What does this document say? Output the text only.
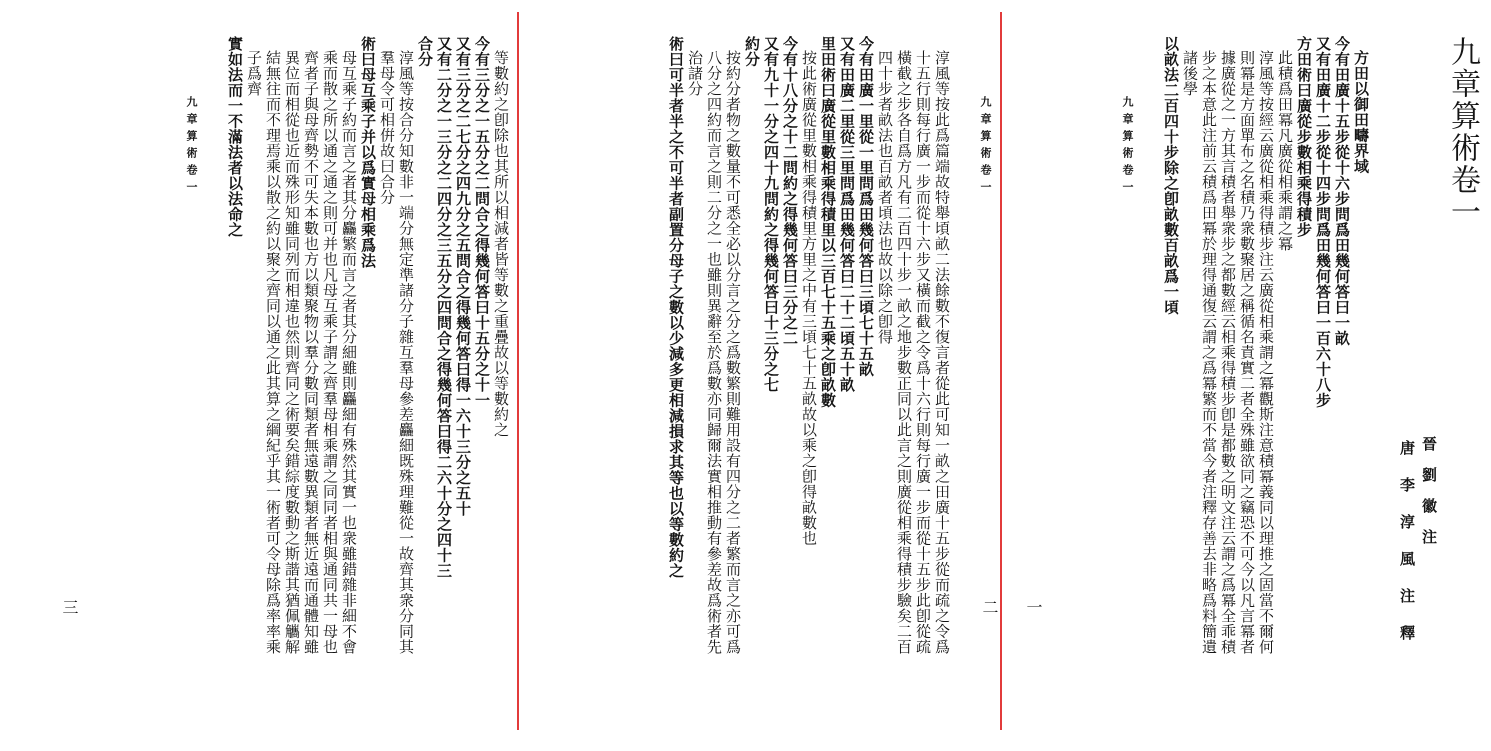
九章算術卷一
晉劉徽注
唐李淳風注釋
方田以御田疇界域
今有田廣十五步從十六步問爲田幾何答曰一畝
又有田廣十二步從十四步問爲田幾何答曰一百六十八步
方田術曰廣從步數相乘得積步
此積爲田冪凡廣從相乘謂之冪
淳風等按經云廣從相乘得積步注云廣從相乘謂之冪觀斯注意積冪義同以理推之固當不爾何
則冪是方面單布之名積乃衆數聚居之稱循名責實二者全殊雖欲同之竊恐不可今以凡言冪者
據廣從之一方其言積者舉衆步之都數經云相乘得積步卽是都數之明文注云謂之爲冪全乖積
步之本意此注前云積爲田冪於理得通復云謂之爲冪繁而不當今者注釋存善去非略爲料簡遺
諸後學
以畝法二百四十步除之卽畝數百畝爲一頃
九章算術卷一
一
九章算術卷一
淳風等按此爲篇端故特舉頃畝二法餘數不復言者從此可知一畝之田廣十五步從而疏之令爲
十五行則每行廣一步而從十六步又橫而截之令爲十六行則每行廣一步而從十五步此卽從疏
橫截之步各自爲方凡有二百四十步一畝之地步數正同以此言之則廣從相乘得積步驗矣二百
四十步者畝法也百畝者頃法也故以除之卽得
今有田廣一里從一里問爲田幾何答曰三頃七十五畝
又有田廣二里從三里問爲田幾何答曰二十二頃五十畝
里田術曰廣從里數相乘得積里以三百七十五乘之卽畝數
按此術廣從里數相乘得積里方里之中有三頃七十五畝故以乘之卽得畝數也
今有十八分之十二問約之得幾何答曰三分之二
又有九十一分之四十九問約之得幾何答曰十三分之七
約分
按約分者物之數量不可悉全必以分言之分之爲數繁則難用設有四分之二者繁而言之亦可爲
八分之四約而言之則二分之一也雖則異辭至於爲數亦同歸爾法實相推動有參差故爲術者先
治諸分
術曰可半者半之不可半者副置分母子之數以少減多更相減損求其等也以等數約之
二
等數約之卽除也其所以相減者皆等數之重疊故以等數約之
今有三分之一五分之二問合之得幾何答曰十五分之十一
又有三分之二七分之四九分之五問合之得幾何答曰得一六十三分之五十
又有二分之一三分之二四分之三五分之四問合之得幾何答曰得二六十分之四十三
合分
淳風等按合分知數非一端分無定準諸分子雜互羣母參差麤細既殊理難從一故齊其衆分同其
羣母令可相倂故曰合分
術曰母互乘子并以爲實母相乘爲法
母互乘子約而言之者其分麤繁而言之者其分細雖則麤細有殊然其實一也衆雖錯雜非細不會
乘而散之所以通之通之則可并也凡母互乘子謂之齊羣母相乘謂之同同者相與通同共一母也
齊者子與母齊勢不可失本數也方以類聚物以羣分數同類者無遠數異類者無近遠而通體知雖
異位而相從也近而殊形知雖同列而相違也然則齊同之術要矣錯綜度數動之斯諧其猶佩觿解
結無往而不理焉乘以散之約以聚之齊同以通之此其算之綱紀乎其一術者可令母除爲率率乘
子爲齊
實如法而一不滿法者以法命之
九章算術卷一
三
